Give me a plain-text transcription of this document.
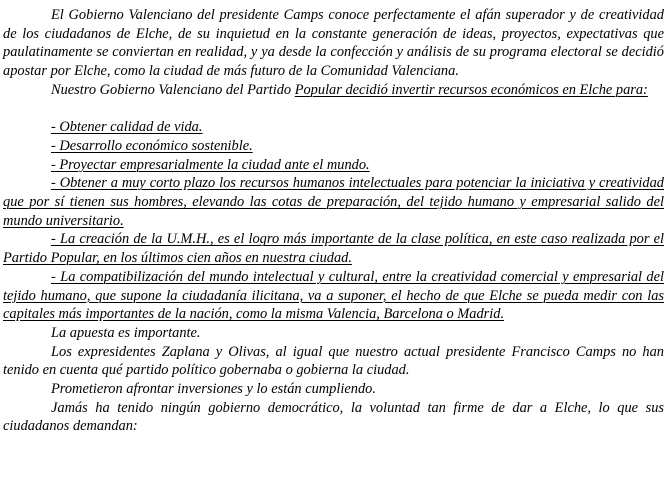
El Gobierno Valenciano del presidente Camps conoce perfectamente el afán superador y de creatividad de los ciudadanos de Elche, de su inquietud en la constante generación de ideas, proyectos, expectativas que paulatinamente se conviertan en realidad, y ya desde la confección y análisis de su programa electoral se decidió apostar por Elche, como la ciudad de más futuro de la Comunidad Valenciana.

Nuestro Gobierno Valenciano del Partido Popular decidió invertir recursos económicos en Elche para:

- Obtener calidad de vida.

- Desarrollo económico sostenible.

- Proyectar empresarialmente la ciudad ante el mundo.

- Obtener a muy corto plazo los recursos humanos intelectuales para potenciar la iniciativa y creatividad que por sí tienen sus hombres, elevando las cotas de preparación, del tejido humano y empresarial salido del mundo universitario.

- La creación de la U.M.H., es el logro más importante de la clase política, en este caso realizada por el Partido Popular, en los últimos cien años en nuestra ciudad.

- La compatibilización del mundo intelectual y cultural, entre la creatividad comercial y empresarial del tejido humano, que supone la ciudadanía ilicitana, va a suponer, el hecho de que Elche se pueda medir con las capitales más importantes de la nación, como la misma Valencia, Barcelona o Madrid.

La apuesta es importante.

Los expresidentes Zaplana y Olivas, al igual que nuestro actual presidente Francisco Camps no han tenido en cuenta qué partido político gobernaba o gobierna la ciudad.

Prometieron afrontar inversiones y lo están cumpliendo.

Jamás ha tenido ningún gobierno democrático, la voluntad tan firme de dar a Elche, lo que sus ciudadanos demandan:
